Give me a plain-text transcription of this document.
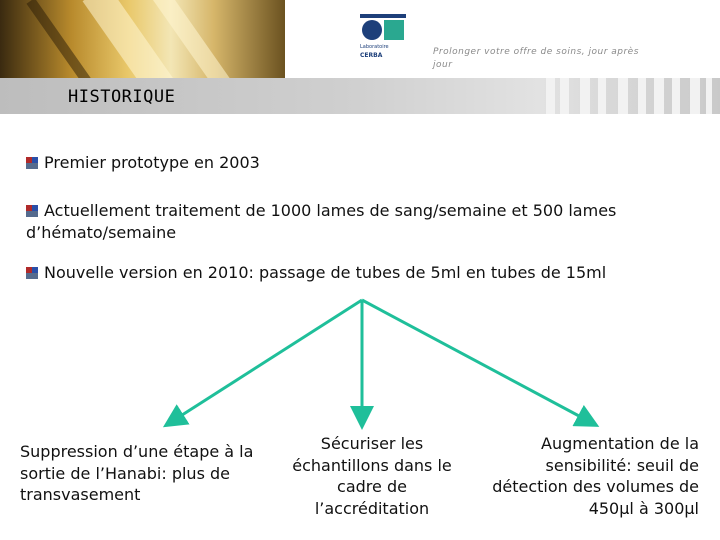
Laboratoire
CERBA	Prolonger votre offre de soins, jour après jour
HISTORIQUE
Premier prototype en 2003
Actuellement traitement de 1000 lames de sang/semaine et 500 lames d’hémato/semaine
Nouvelle version en 2010: passage de tubes de 5ml en tubes de 15ml
Suppression d’une étape à la sortie de l’Hanabi: plus de transvasement
Sécuriser les échantillons dans le cadre de l’accréditation
Augmentation de la sensibilité: seuil de détection des volumes de 450µl à 300µl
